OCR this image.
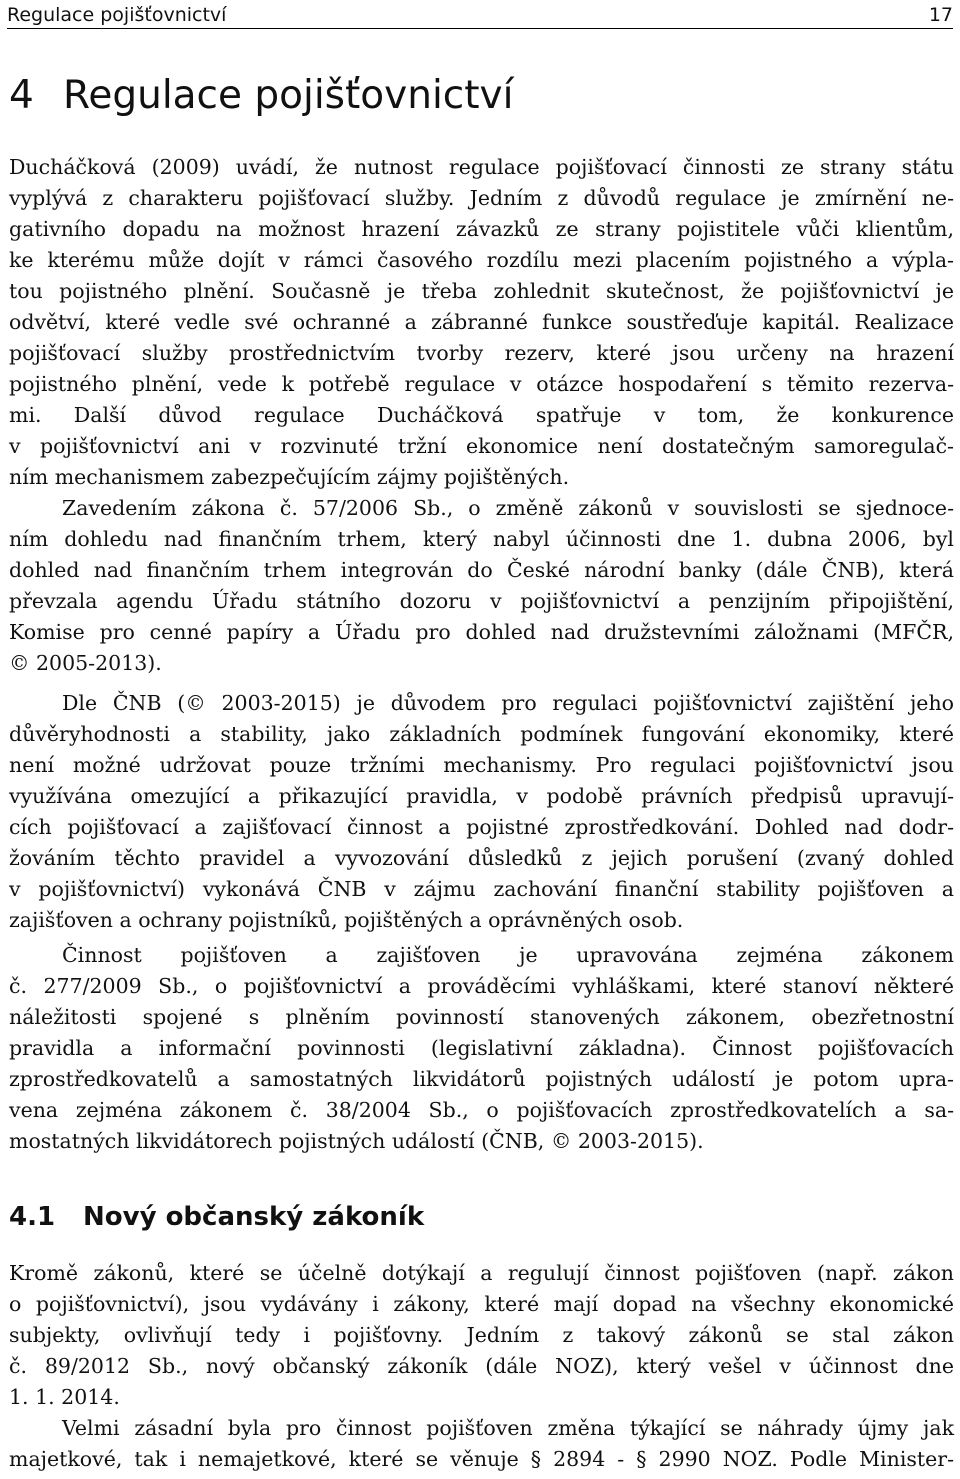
Regulace pojišťovnictví	17
4 Regulace pojišťovnictví

Ducháčková (2009) uvádí, že nutnost regulace pojišťovací činnosti ze strany státu

vyplývá z charakteru pojišťovací služby. Jedním z důvodů regulace je zmírnění ne-

gativního dopadu na možnost hrazení závazků ze strany pojistitele vůči klientům,

ke kterému může dojít v rámci časového rozdílu mezi placením pojistného a výpla-

tou pojistného plnění. Současně je třeba zohlednit skutečnost, že pojišťovnictví je

odvětví, které vedle své ochranné a zábranné funkce soustřeďuje kapitál. Realizace

pojišťovací služby prostřednictvím tvorby rezerv, které jsou určeny na hrazení

pojistného plnění, vede k potřebě regulace v otázce hospodaření s těmito rezerva-

mi. Další důvod regulace Ducháčková spatřuje v tom, že konkurence

v pojišťovnictví ani v rozvinuté tržní ekonomice není dostatečným samoregulač-

ním mechanismem zabezpečujícím zájmy pojištěných.

Zavedením zákona č. 57/2006 Sb., o změně zákonů v souvislosti se sjednoce-

ním dohledu nad finančním trhem, který nabyl účinnosti dne 1. dubna 2006, byl

dohled nad finančním trhem integrován do České národní banky (dále ČNB), která

převzala agendu Úřadu státního dozoru v pojišťovnictví a penzijním připojištění,

Komise pro cenné papíry a Úřadu pro dohled nad družstevními záložnami (MFČR,

© 2005-2013).

Dle ČNB (© 2003-2015) je důvodem pro regulaci pojišťovnictví zajištění jeho

důvěryhodnosti a stability, jako základních podmínek fungování ekonomiky, které

není možné udržovat pouze tržními mechanismy. Pro regulaci pojišťovnictví jsou

využívána omezující a přikazující pravidla, v podobě právních předpisů upravují-

cích pojišťovací a zajišťovací činnost a pojistné zprostředkování. Dohled nad dodr-

žováním těchto pravidel a vyvozování důsledků z jejich porušení (zvaný dohled

v pojišťovnictví) vykonává ČNB v zájmu zachování finanční stability pojišťoven a

zajišťoven a ochrany pojistníků, pojištěných a oprávněných osob.

Činnost pojišťoven a zajišťoven je upravována zejména zákonem

č. 277/2009 Sb., o pojišťovnictví a prováděcími vyhláškami, které stanoví některé

náležitosti spojené s plněním povinností stanovených zákonem, obezřetnostní

pravidla a informační povinnosti (legislativní základna). Činnost pojišťovacích

zprostředkovatelů a samostatných likvidátorů pojistných událostí je potom upra-

vena zejména zákonem č. 38/2004 Sb., o pojišťovacích zprostředkovatelích a sa-

mostatných likvidátorech pojistných událostí (ČNB, © 2003-2015).

4.1 Nový občanský zákoník

Kromě zákonů, které se účelně dotýkají a regulují činnost pojišťoven (např. zákon

o pojišťovnictví), jsou vydávány i zákony, které mají dopad na všechny ekonomické

subjekty, ovlivňují tedy i pojišťovny. Jedním z takový zákonů se stal zákon

č. 89/2012 Sb., nový občanský zákoník (dále NOZ), který vešel v účinnost dne

1. 1. 2014.

Velmi zásadní byla pro činnost pojišťoven změna týkající se náhrady újmy jak

majetkové, tak i nemajetkové, které se věnuje § 2894 - § 2990 NOZ. Podle Minister-
